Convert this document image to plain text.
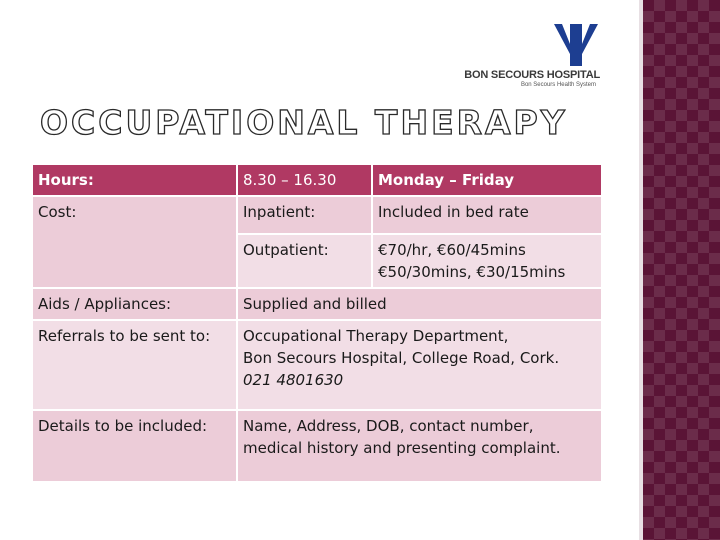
BON SECOURS HOSPITAL
Bon Secours Health System
OCCUPATIONAL THERAPY
Hours:	8.30 – 16.30	Monday – Friday
Cost:	Inpatient:	Included in bed rate
	Outpatient:	€70/hr, €60/45mins
€50/30mins, €30/15mins

Aids / Appliances:	Supplied and billed	
Referrals to be sent to:	Occupational Therapy Department,
Bon Secours Hospital, College Road, Cork.
021 4801630	

Details to be included:	Name, Address, DOB, contact number,
medical history and presenting complaint.	
